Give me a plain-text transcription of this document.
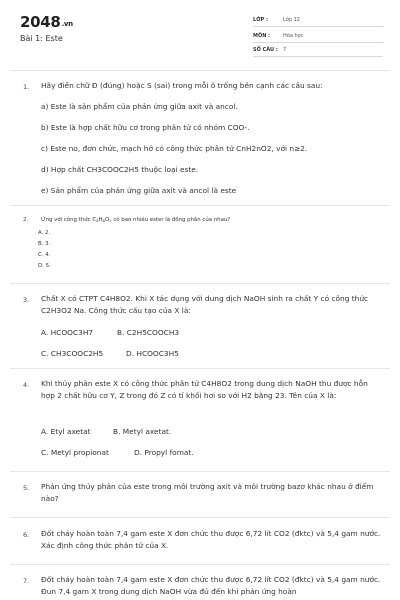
2048.vn
Bài 1: Este
LỚP :	Lớp 12
MÔN :	Hóa học
SỐ CÂU : 7
1. Hãy điền chữ Đ (đúng) hoặc S (sai) trong mỗi ô trống bên cạnh các câu sau:
a) Este là sản phẩm của phản ứng giữa axit và ancol.
b) Este là hợp chất hữu cơ trong phân tử có nhóm COO-.
c) Este no, đơn chức, mạch hở có công thức phân tử CnH2nO2, với n≥2.
d) Hợp chất CH3COOC2H5 thuộc loại este.
e) Sản phẩm của phản ứng giữa axit và ancol là este
2. Ứng với công thức $C_4H_8O_2$ có bao nhiêu ester là đồng phân của nhau?
A. 2.
B. 3.
C. 4.
D. 5.
3. Chất X có CTPT C4H8O2. Khi X tác dụng với dung dịch NaOH sinh ra chất Y có công thức C2H3O2 Na. Công thức cấu tạo của X là:
A. HCOOC3H7	B. C2H5COOCH3
C. CH3COOC2H5	D. HCOOC3H5
4. Khi thủy phân este X có công thức phân tử C4H8O2 trong dung dịch NaOH thu được hỗn hợp 2 chất hữu cơ Y, Z trong đó Z có tỉ khối hơi so với H2 bằng 23. Tên của X là:
A. Etyl axetat	B. Metyl axetat.
C. Metyl propionat	D. Propyl fomat.
5. Phản ứng thủy phân của este trong môi trường axit và môi trường bazơ khác nhau ở điểm nào?
6. Đốt cháy hoàn toàn 7,4 gam este X đơn chức thu được 6,72 lít CO2 (đktc) và 5,4 gam nước. Xác định công thức phân tử của X.
7. Đốt cháy hoàn toàn 7,4 gam este X đơn chức thu được 6,72 lít CO2 (đktc) và 5,4 gam nước. Đun 7,4 gam X trong dung dịch NaOH vừa đủ đến khi phản ứng hoàn
